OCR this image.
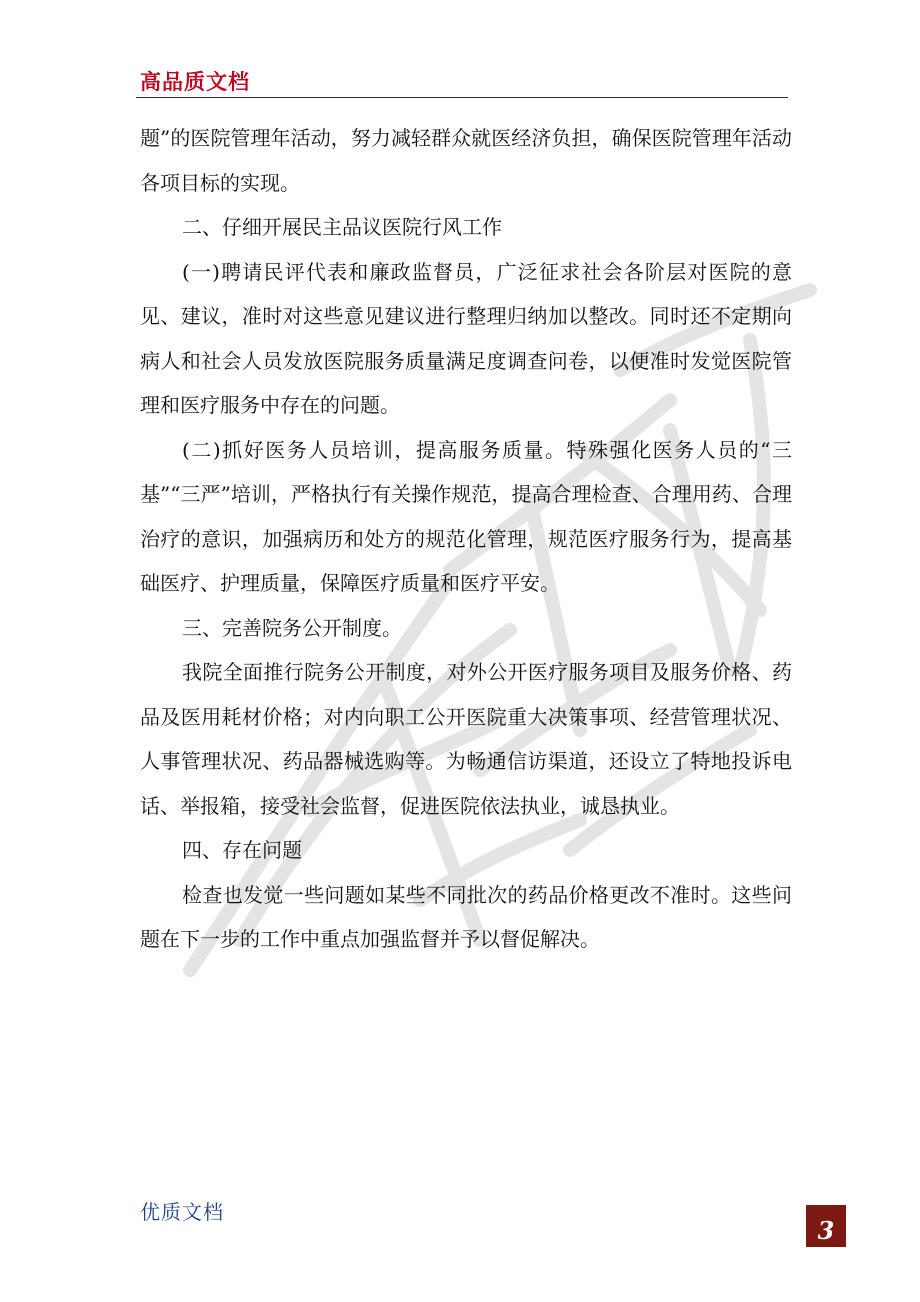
高品质文档

题”的医院管理年活动，努力减轻群众就医经济负担，确保医院管理年活动各项目标的实现。

二、仔细开展民主品议医院行风工作

(一)聘请民评代表和廉政监督员，广泛征求社会各阶层对医院的意见、建议，准时对这些意见建议进行整理归纳加以整改。同时还不定期向病人和社会人员发放医院服务质量满足度调查问卷，以便准时发觉医院管理和医疗服务中存在的问题。

(二)抓好医务人员培训，提高服务质量。特殊强化医务人员的“三基”“三严”培训，严格执行有关操作规范，提高合理检查、合理用药、合理治疗的意识，加强病历和处方的规范化管理，规范医疗服务行为，提高基础医疗、护理质量，保障医疗质量和医疗平安。

三、完善院务公开制度。

我院全面推行院务公开制度，对外公开医疗服务项目及服务价格、药品及医用耗材价格；对内向职工公开医院重大决策事项、经营管理状况、人事管理状况、药品器械选购等。为畅通信访渠道，还设立了特地投诉电话、举报箱，接受社会监督，促进医院依法执业，诚恳执业。

四、存在问题

检查也发觉一些问题如某些不同批次的药品价格更改不准时。这些问题在下一步的工作中重点加强监督并予以督促解决。

优质文档
3
